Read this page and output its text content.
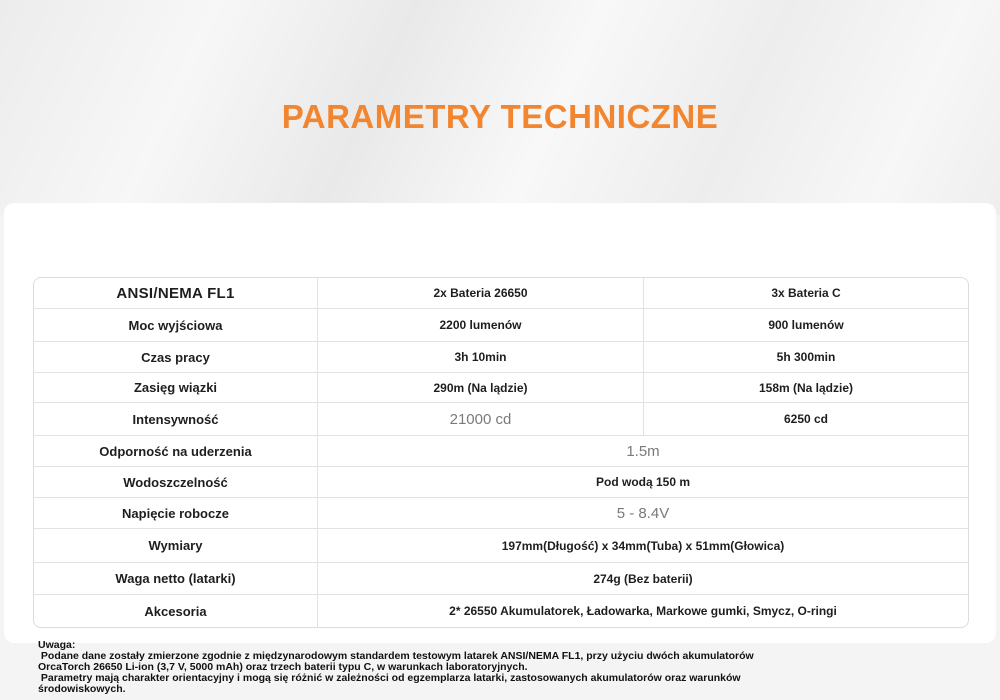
PARAMETRY TECHNICZNE
ANSI/NEMA FL1	2x Bateria 26650	3x Bateria C
Moc wyjściowa	2200 lumenów	900 lumenów
Czas pracy	3h 10min	5h 300min
Zasięg wiązki	290m (Na lądzie)	158m (Na lądzie)
Intensywność	21000 cd	6250 cd
Odporność na uderzenia	1.5m
Wodoszczelność	Pod wodą 150 m
Napięcie robocze	5 - 8.4V
Wymiary	197mm(Długość) x 34mm(Tuba) x 51mm(Głowica)
Waga netto (latarki)	274g (Bez baterii)
Akcesoria	2* 26550 Akumulatorek, Ładowarka, Markowe gumki, Smycz, O-ringi
Uwaga:
Podane dane zostały zmierzone zgodnie z międzynarodowym standardem testowym latarek ANSI/NEMA FL1, przy użyciu dwóch akumulatorów
OrcaTorch 26650 Li-ion (3,7 V, 5000 mAh) oraz trzech baterii typu C, w warunkach laboratoryjnych.
Parametry mają charakter orientacyjny i mogą się różnić w zależności od egzemplarza latarki, zastosowanych akumulatorów oraz warunków
środowiskowych.
